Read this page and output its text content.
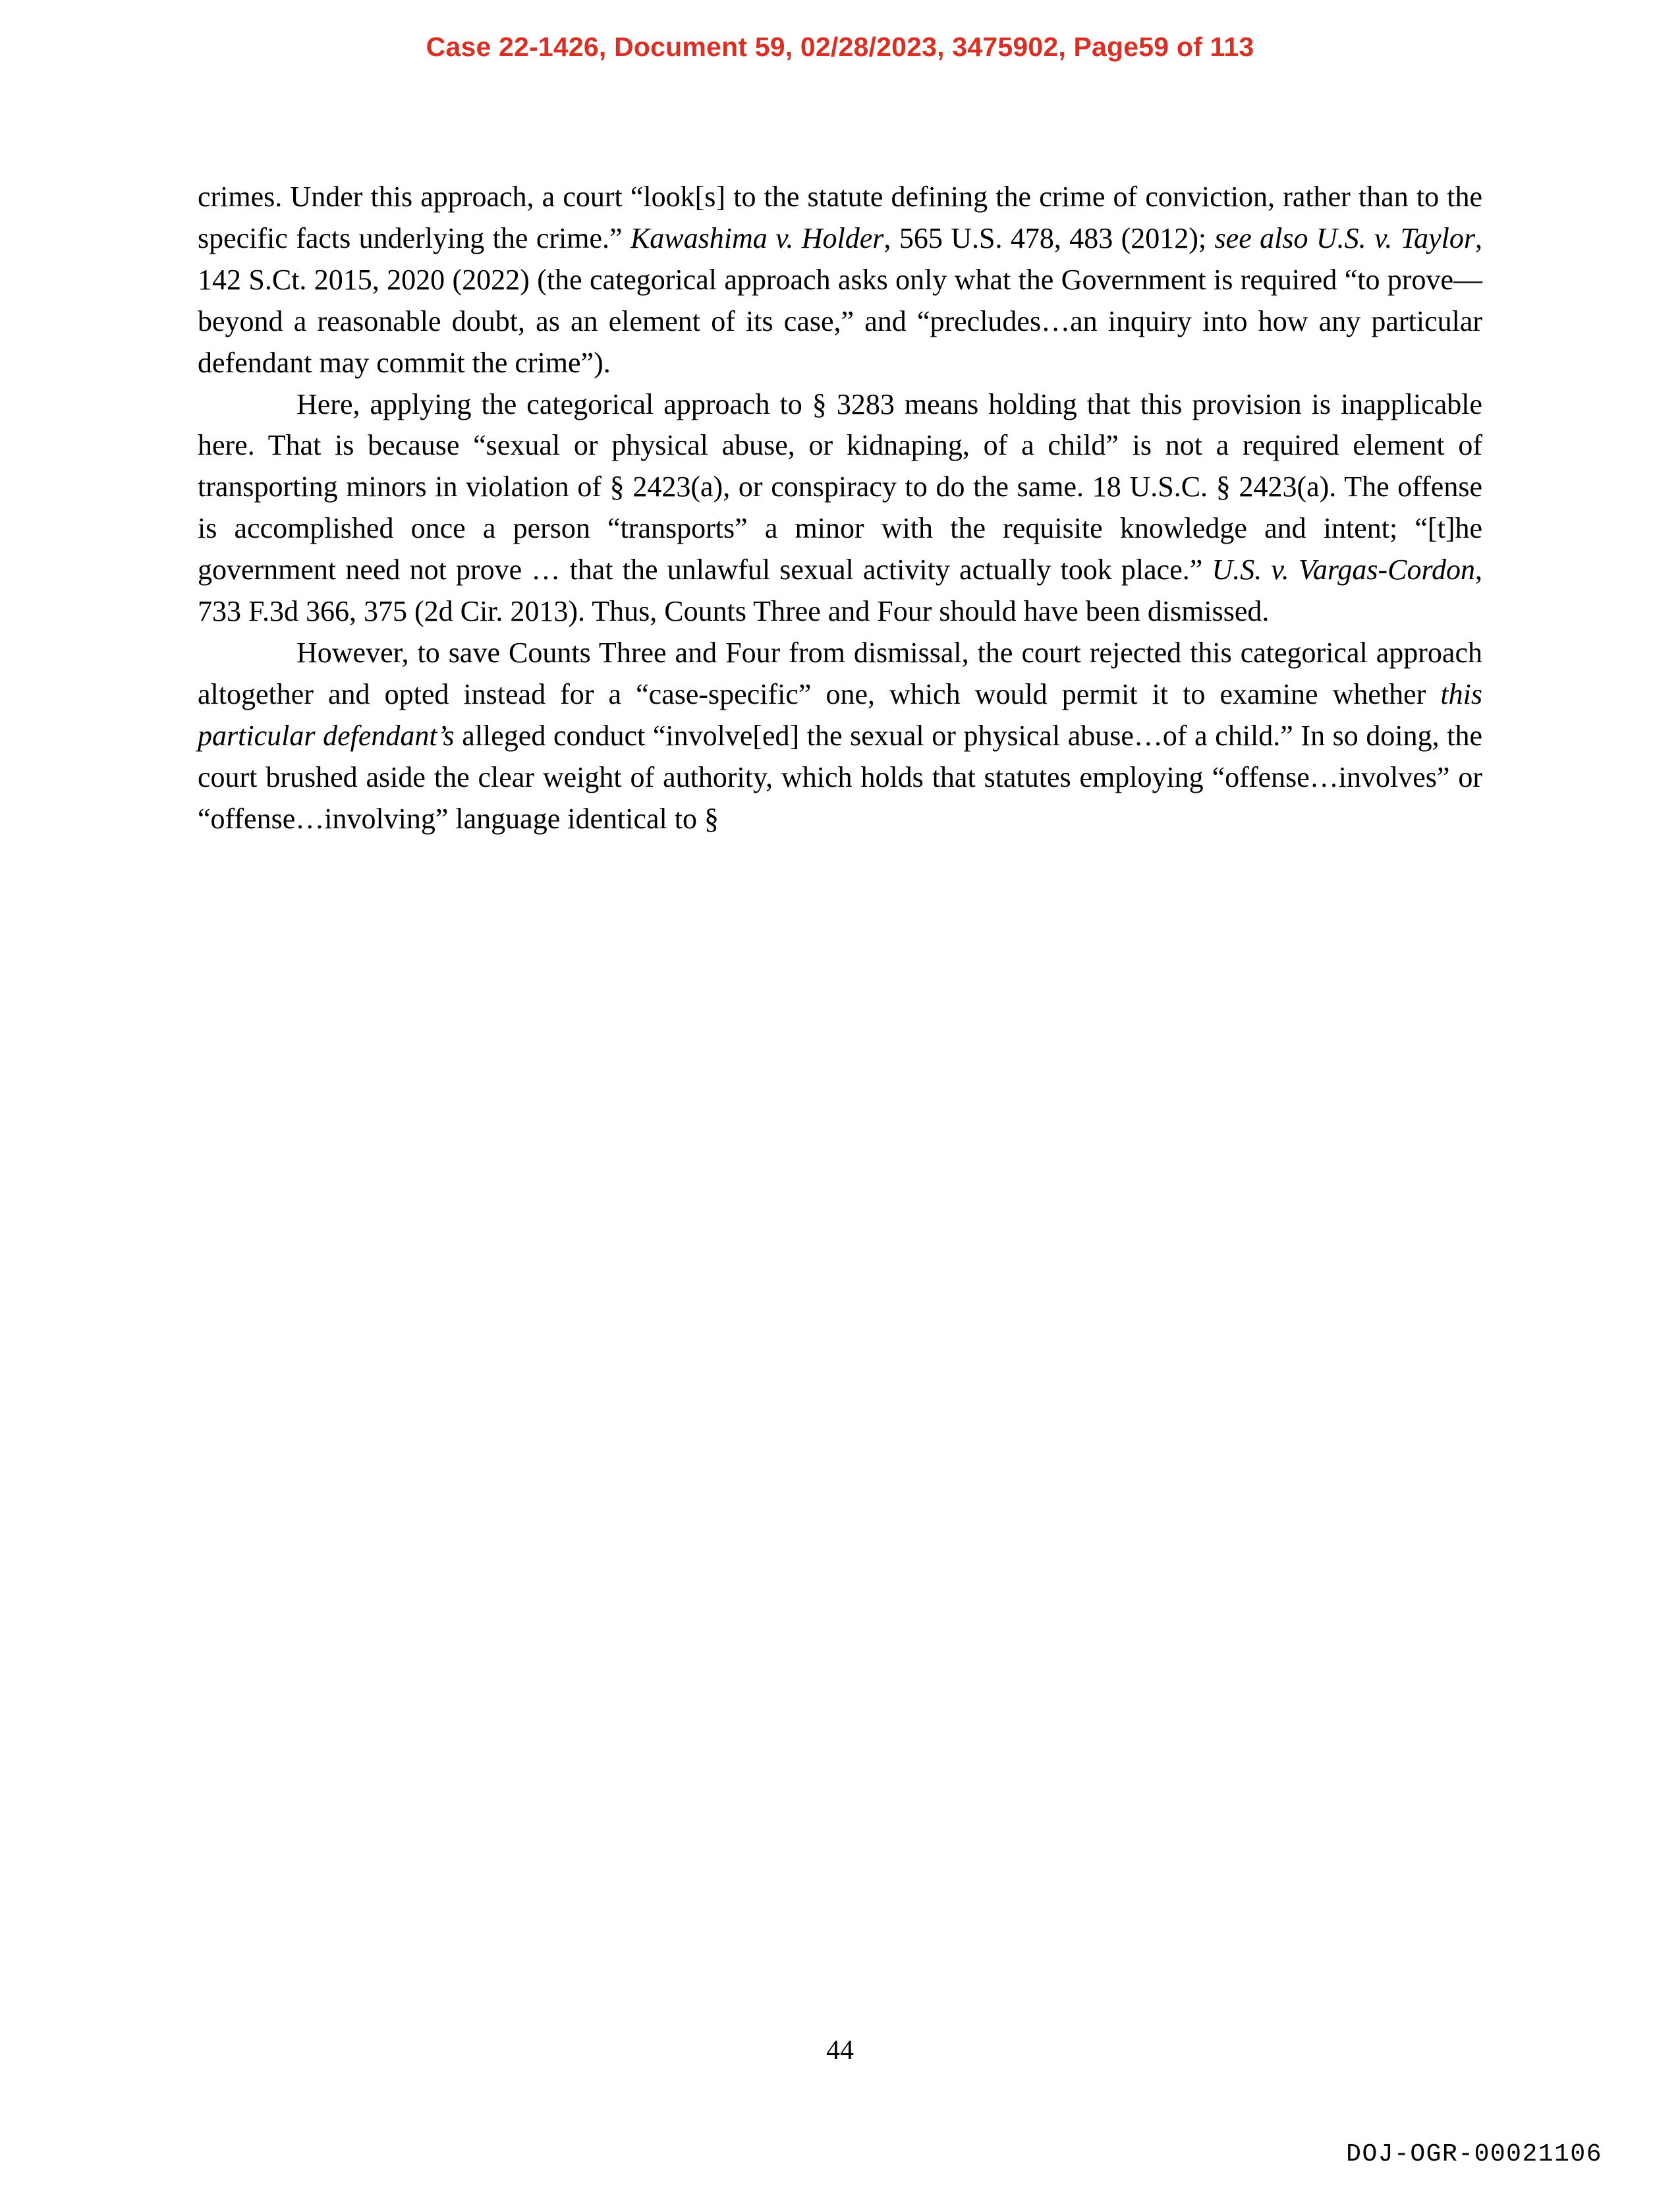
Case 22-1426, Document 59, 02/28/2023, 3475902, Page59 of 113

crimes. Under this approach, a court “look[s] to the statute defining the crime of conviction, rather than to the specific facts underlying the crime.” Kawashima v. Holder, 565 U.S. 478, 483 (2012); see also U.S. v. Taylor, 142 S.Ct. 2015, 2020 (2022) (the categorical approach asks only what the Government is required “to prove—beyond a reasonable doubt, as an element of its case,” and “precludes…an inquiry into how any particular defendant may commit the crime”).

Here, applying the categorical approach to § 3283 means holding that this provision is inapplicable here. That is because “sexual or physical abuse, or kidnaping, of a child” is not a required element of transporting minors in violation of § 2423(a), or conspiracy to do the same. 18 U.S.C. § 2423(a). The offense is accomplished once a person “transports” a minor with the requisite knowledge and intent; “[t]he government need not prove … that the unlawful sexual activity actually took place.” U.S. v. Vargas-Cordon, 733 F.3d 366, 375 (2d Cir. 2013). Thus, Counts Three and Four should have been dismissed.

However, to save Counts Three and Four from dismissal, the court rejected this categorical approach altogether and opted instead for a “case-specific” one, which would permit it to examine whether this particular defendant’s alleged conduct “involve[ed] the sexual or physical abuse…of a child.” In so doing, the court brushed aside the clear weight of authority, which holds that statutes employing “offense…involves” or “offense…involving” language identical to §

44
DOJ-OGR-00021106
